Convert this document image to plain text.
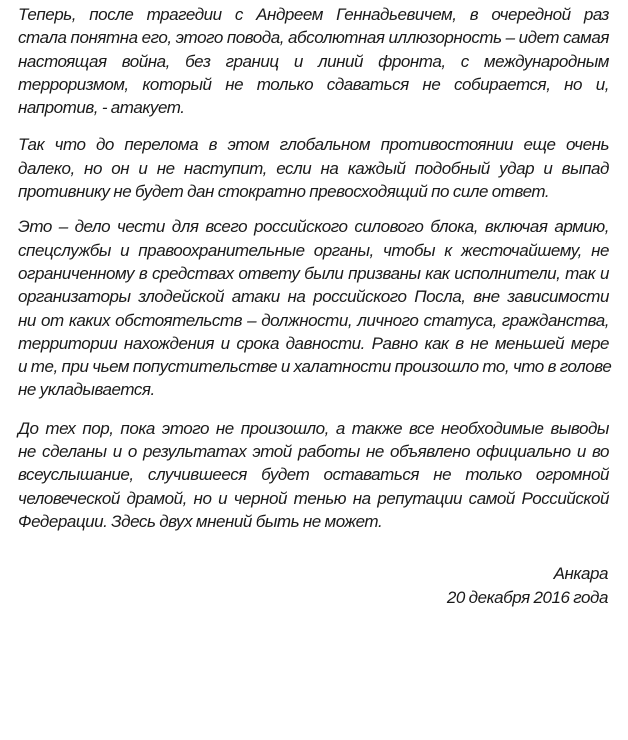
Теперь, после трагедии с Андреем Геннадьевичем, в очередной раз
стала понятна его, этого повода, абсолютная иллюзорность – идет самая
настоящая война, без границ и линий фронта, с международным
терроризмом, который не только сдаваться не собирается, но и,
напротив, - атакует.
Так что до перелома в этом глобальном противостоянии еще очень
далеко, но он и не наступит, если на каждый подобный удар и выпад
противнику не будет дан стократно превосходящий по силе ответ.
Это – дело чести для всего российского силового блока, включая армию,
спецслужбы и правоохранительные органы, чтобы к жесточайшему, не
ограниченному в средствах ответу были призваны как исполнители, так и
организаторы злодейской атаки на российского Посла, вне зависимости
ни от каких обстоятельств – должности, личного статуса, гражданства,
территории нахождения и срока давности. Равно как в не меньшей мере
и те, при чьем попустительстве и халатности произошло то, что в голове
не укладывается.
До тех пор, пока этого не произошло, а также все необходимые выводы
не сделаны и о результатах этой работы не объявлено официально и во
всеуслышание, случившееся будет оставаться не только огромной
человеческой драмой, но и черной тенью на репутации самой Российской
Федерации. Здесь двух мнений быть не может.
Анкара
20 декабря 2016 года
